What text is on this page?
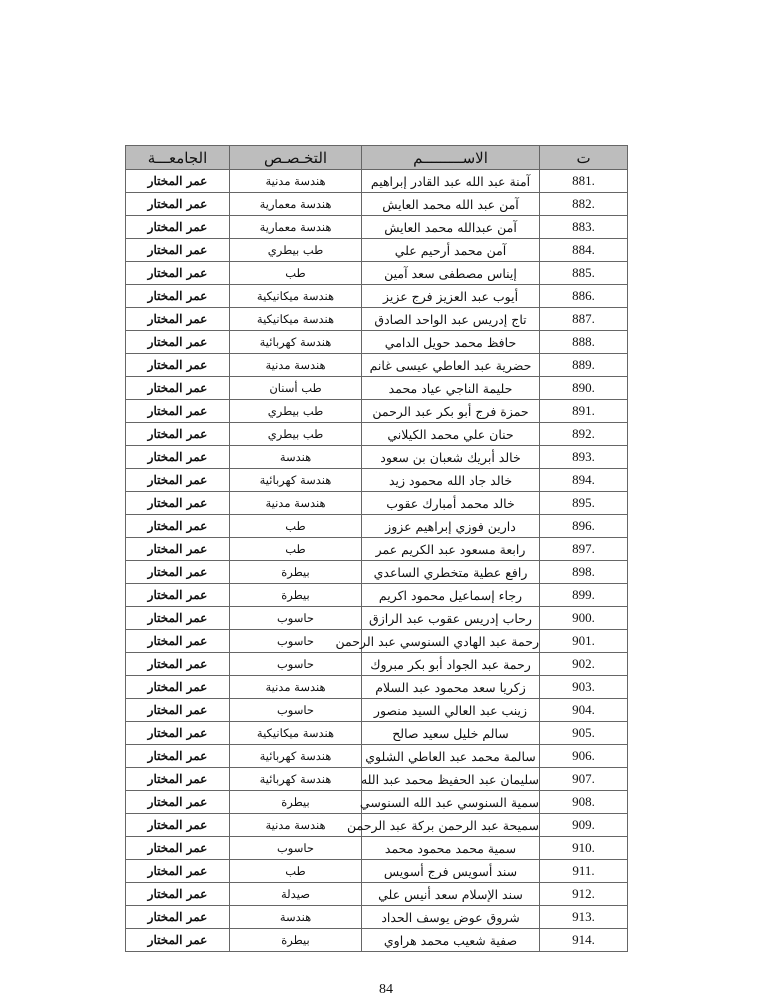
ت	الاســـــــــم	التخـصـص	الجامعـــة
881.	آمنة عبد الله عبد القادر إبراهيم	هندسة مدنية	عمر المختار
882.	آمن عبد الله محمد العايش	هندسة معمارية	عمر المختار
883.	آمن عبدالله محمد العايش	هندسة معمارية	عمر المختار
884.	آمن محمد أرحيم علي	طب بيطري	عمر المختار
885.	إيناس مصطفى سعد آمين	طب	عمر المختار
886.	أيوب عبد العزيز فرج عزيز	هندسة ميكانيكية	عمر المختار
887.	تاج إدريس عبد الواحد الصادق	هندسة ميكانيكية	عمر المختار
888.	حافظ محمد حويل الدامي	هندسة كهربائية	عمر المختار
889.	حضرية عبد العاطي عيسى غانم	هندسة مدنية	عمر المختار
890.	حليمة الناجي عياد محمد	طب أسنان	عمر المختار
891.	حمزة فرج أبو بكر عبد الرحمن	طب بيطري	عمر المختار
892.	حنان علي محمد الكيلاني	طب بيطري	عمر المختار
893.	خالد أبريك شعبان بن سعود	هندسة	عمر المختار
894.	خالد جاد الله محمود زيد	هندسة كهربائية	عمر المختار
895.	خالد محمد أمبارك عقوب	هندسة مدنية	عمر المختار
896.	دارين فوزي إبراهيم عزوز	طب	عمر المختار
897.	رابعة مسعود عبد الكريم عمر	طب	عمر المختار
898.	رافع عطية متخطري الساعدي	بيطرة	عمر المختار
899.	رجاء إسماعيل محمود اكريم	بيطرة	عمر المختار
900.	رحاب إدريس عقوب عبد الرازق	حاسوب	عمر المختار
901.	رحمة عبد الهادي السنوسي عبد الرحمن	حاسوب	عمر المختار
902.	رحمة عبد الجواد أبو بكر مبروك	حاسوب	عمر المختار
903.	زكريا سعد محمود عبد السلام	هندسة مدنية	عمر المختار
904.	زينب عبد العالي السيد منصور	حاسوب	عمر المختار
905.	سالم خليل سعيد صالح	هندسة ميكانيكية	عمر المختار
906.	سالمة محمد عبد العاطي الشلوي	هندسة كهربائية	عمر المختار
907.	سليمان عبد الحفيظ محمد عبد الله	هندسة كهربائية	عمر المختار
908.	سمية السنوسي عبد الله السنوسي	بيطرة	عمر المختار
909.	سميحة عبد الرحمن بركة عبد الرحمن	هندسة مدنية	عمر المختار
910.	سمية محمد محمود محمد	حاسوب	عمر المختار
911.	سند أسويس فرج أسويس	طب	عمر المختار
912.	سند الإسلام سعد أنيس علي	صيدلة	عمر المختار
913.	شروق عوض يوسف الحداد	هندسة	عمر المختار
914.	صفية شعيب محمد هراوي	بيطرة	عمر المختار
84
